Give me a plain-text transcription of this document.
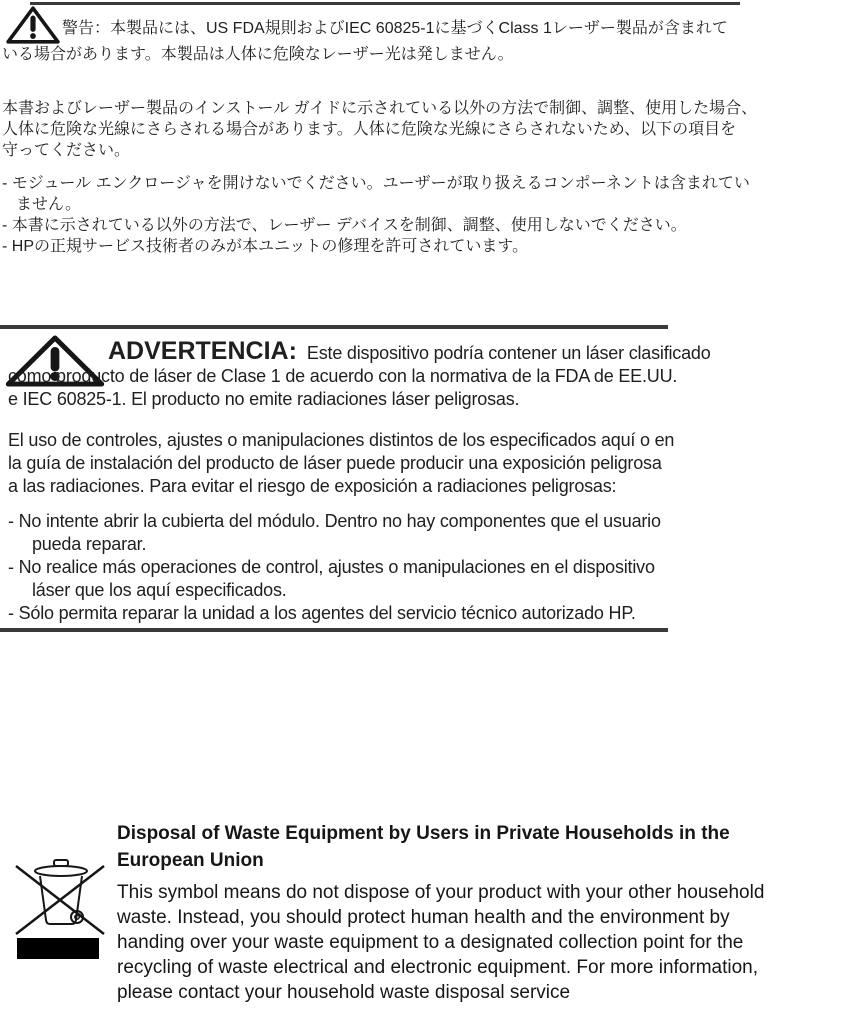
警告：本製品には、US FDA規則およびIEC 60825-1に基づくClass 1レーザー製品が含まれて
いる場合があります。本製品は人体に危険なレーザー光は発しません。
本書およびレーザー製品のインストール ガイドに示されている以外の方法で制御、調整、使用した場合、
人体に危険な光線にさらされる場合があります。人体に危険な光線にさらされないため、以下の項目を
守ってください。
- モジュール エンクロージャを開けないでください。ユーザーが取り扱えるコンポーネントは含まれてい
ません。
- 本書に示されている以外の方法で、レーザー デバイスを制御、調整、使用しないでください。
- HPの正規サービス技術者のみが本ユニットの修理を許可されています。
ADVERTENCIA: Este dispositivo podría contener un láser clasificado
como producto de láser de Clase 1 de acuerdo con la normativa de la FDA de EE.UU.
e IEC 60825-1. El producto no emite radiaciones láser peligrosas.
El uso de controles, ajustes o manipulaciones distintos de los especificados aquí o en
la guía de instalación del producto de láser puede producir una exposición peligrosa
a las radiaciones. Para evitar el riesgo de exposición a radiaciones peligrosas:
- No intente abrir la cubierta del módulo. Dentro no hay componentes que el usuario
pueda reparar.
- No realice más operaciones de control, ajustes o manipulaciones en el dispositivo
láser que los aquí especificados.
- Sólo permita reparar la unidad a los agentes del servicio técnico autorizado HP.
Disposal of Waste Equipment by Users in Private Households in the
European Union
This symbol means do not dispose of your product with your other household
waste. Instead, you should protect human health and the environment by
handing over your waste equipment to a designated collection point for the
recycling of waste electrical and electronic equipment. For more information,
please contact your household waste disposal service
